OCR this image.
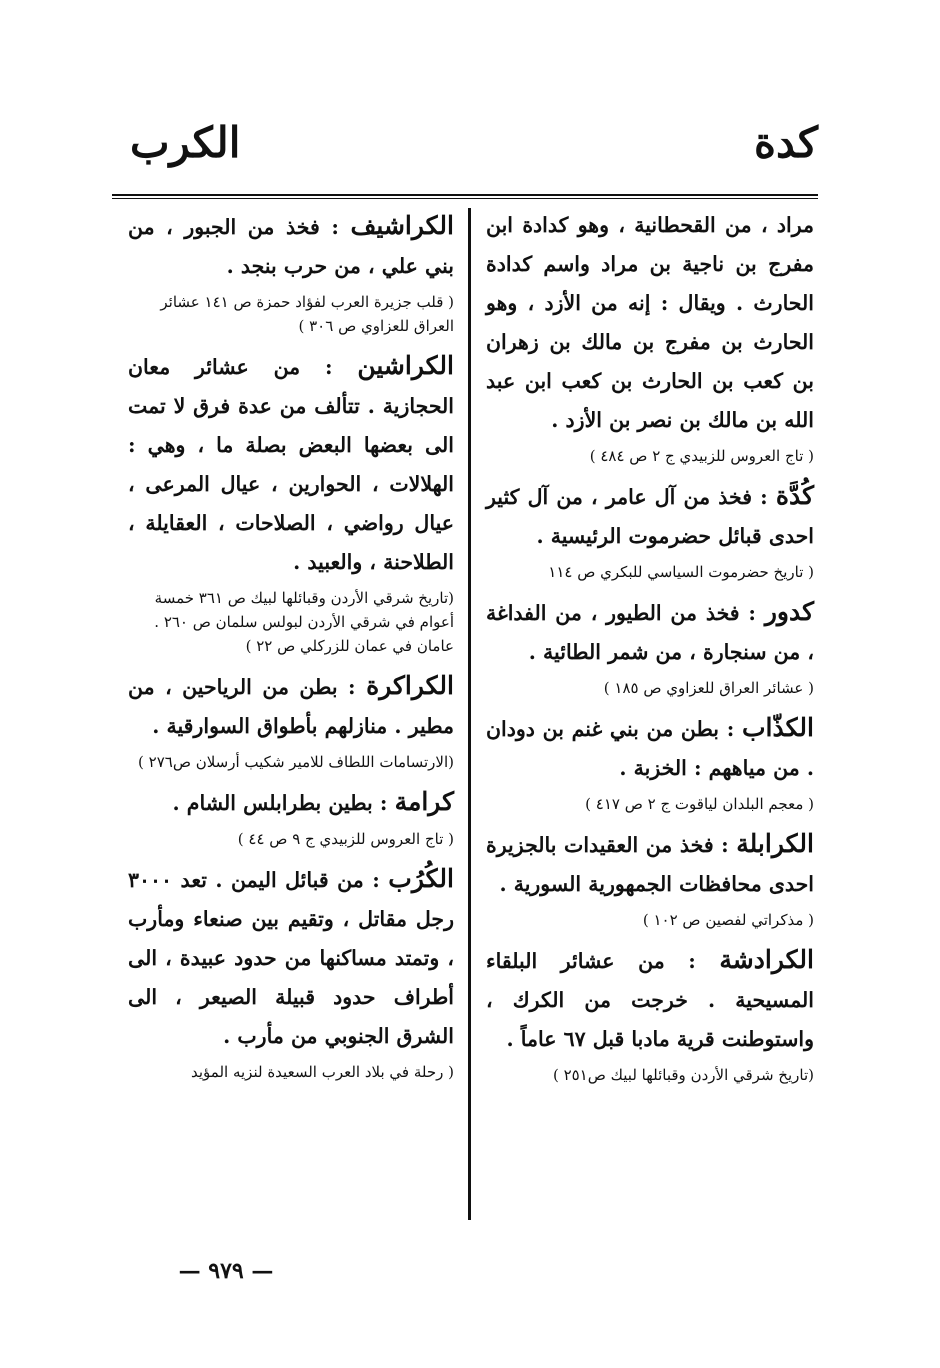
كدة
الكرب
مراد ، من القحطانية ، وهو كدادة ابن مفرج بن ناجية بن مراد واسم كدادة الحارث . ويقال : إنه من الأزد ، وهو الحارث بن مفرج بن مالك بن زهران بن كعب بن الحارث بن كعب ابن عبد الله بن مالك بن نصر بن الأزد .
( تاج العروس للزبيدي ج ٢ ص ٤٨٤ )
كُدَّة : فخذ من آل عامر ، من آل كثير احدى قبائل حضرموت الرئيسية .
( تاريخ حضرموت السياسي للبكري ص ١١٤
كدور : فخذ من الطيور ، من الفداغة ، من سنجارة ، من شمر الطائية .
( عشائر العراق للعزاوي ص ١٨٥ )
الكذّاب : بطن من بني غنم بن دودان . من مياههم : الخزبة .
( معجم البلدان لياقوت ج ٢ ص ٤١٧ )
الكرابلة : فخذ من العقيدات بالجزيرة احدى محافظات الجمهورية السورية .
( مذكراتي لفصين ص ١٠٢ )
الكرادشة : من عشائر البلقاء المسيحية . خرجت من الكرك ، واستوطنت قرية مادبا قبل ٦٧ عاماً .
(تاريخ شرقي الأردن وقبائلها لبيك ص٢٥١ )
الكراشيف : فخذ من الجبور ، من بني علي ، من حرب بنجد .
( قلب جزيرة العرب لفؤاد حمزة ص ١٤١ عشائر العراق للعزاوي ص ٣٠٦ )
الكراشين : من عشائر معان الحجازية . تتألف من عدة فرق لا تمت الى بعضها البعض بصلة ما ، وهي : الهلالات ، الحوارين ، عيال المرعى ، عيال رواضي ، الصلاحات ، العقايلة ، الطلاحنة ، والعبيد .
(تاريخ شرقي الأردن وقبائلها لبيك ص ٣٦١ خمسة أعوام في شرقي الأردن لبولس سلمان ص ٢٦٠ . عامان في عمان للزركلي ص ٢٢ )
الكراكرة : بطن من الرياحين ، من مطير . منازلهم بأطواق السوارقية .
(الارتسامات اللطاف للامير شكيب أرسلان ص٢٧٦ )
كرامة : بطين بطرابلس الشام .
( تاج العروس للزبيدي ج ٩ ص ٤٤ )
الكُرُب : من قبائل اليمن . تعد ٣٠٠٠ رجل مقاتل ، وتقيم بين صنعاء ومأرب ، وتمتد مساكنها من حدود عبيدة ، الى أطراف حدود قبيلة الصيعر ، الى الشرق الجنوبي من مأرب .
( رحلة في بلاد العرب السعيدة لنزيه المؤيد
— ٩٧٩ —
